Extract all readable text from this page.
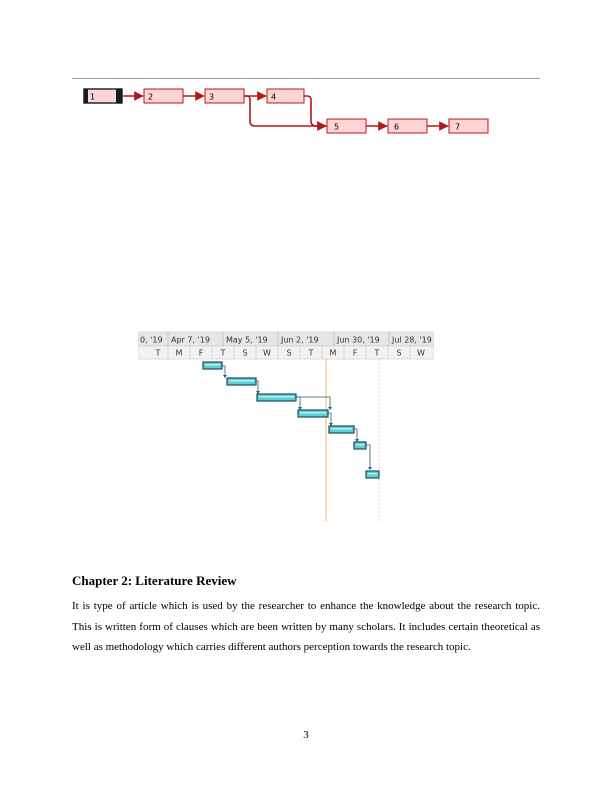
1	2	3	4
5	6	7
0, '19 Apr 7, '19 May 5, '19 Jun 2, '19 Jun 30, '19 Jul 28, '19
T M F T S W S T M F T S W
Chapter 2: Literature Review

It is type of article which is used by the researcher to enhance the knowledge about the research topic. This is written form of clauses which are been written by many scholars. It includes certain theoretical as well as methodology which carries different authors perception towards the research topic.

3
